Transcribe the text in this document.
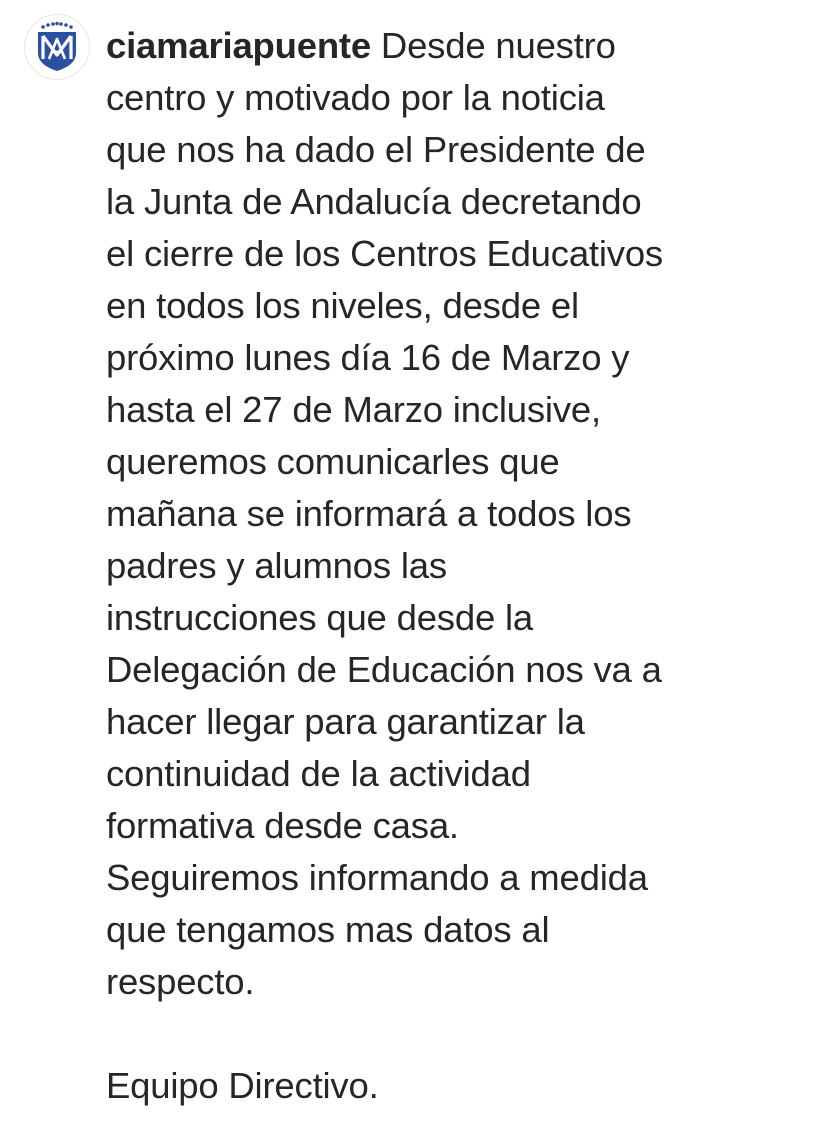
ciamariapuente Desde nuestro
centro y motivado por la noticia
que nos ha dado el Presidente de
la Junta de Andalucía decretando
el cierre de los Centros Educativos
en todos los niveles, desde el
próximo lunes día 16 de Marzo y
hasta el 27 de Marzo inclusive,
queremos comunicarles que
mañana se informará a todos los
padres y alumnos las
instrucciones que desde la
Delegación de Educación nos va a
hacer llegar para garantizar la
continuidad de la actividad
formativa desde casa.
Seguiremos informando a medida
que tengamos mas datos al
respecto.
Equipo Directivo.
